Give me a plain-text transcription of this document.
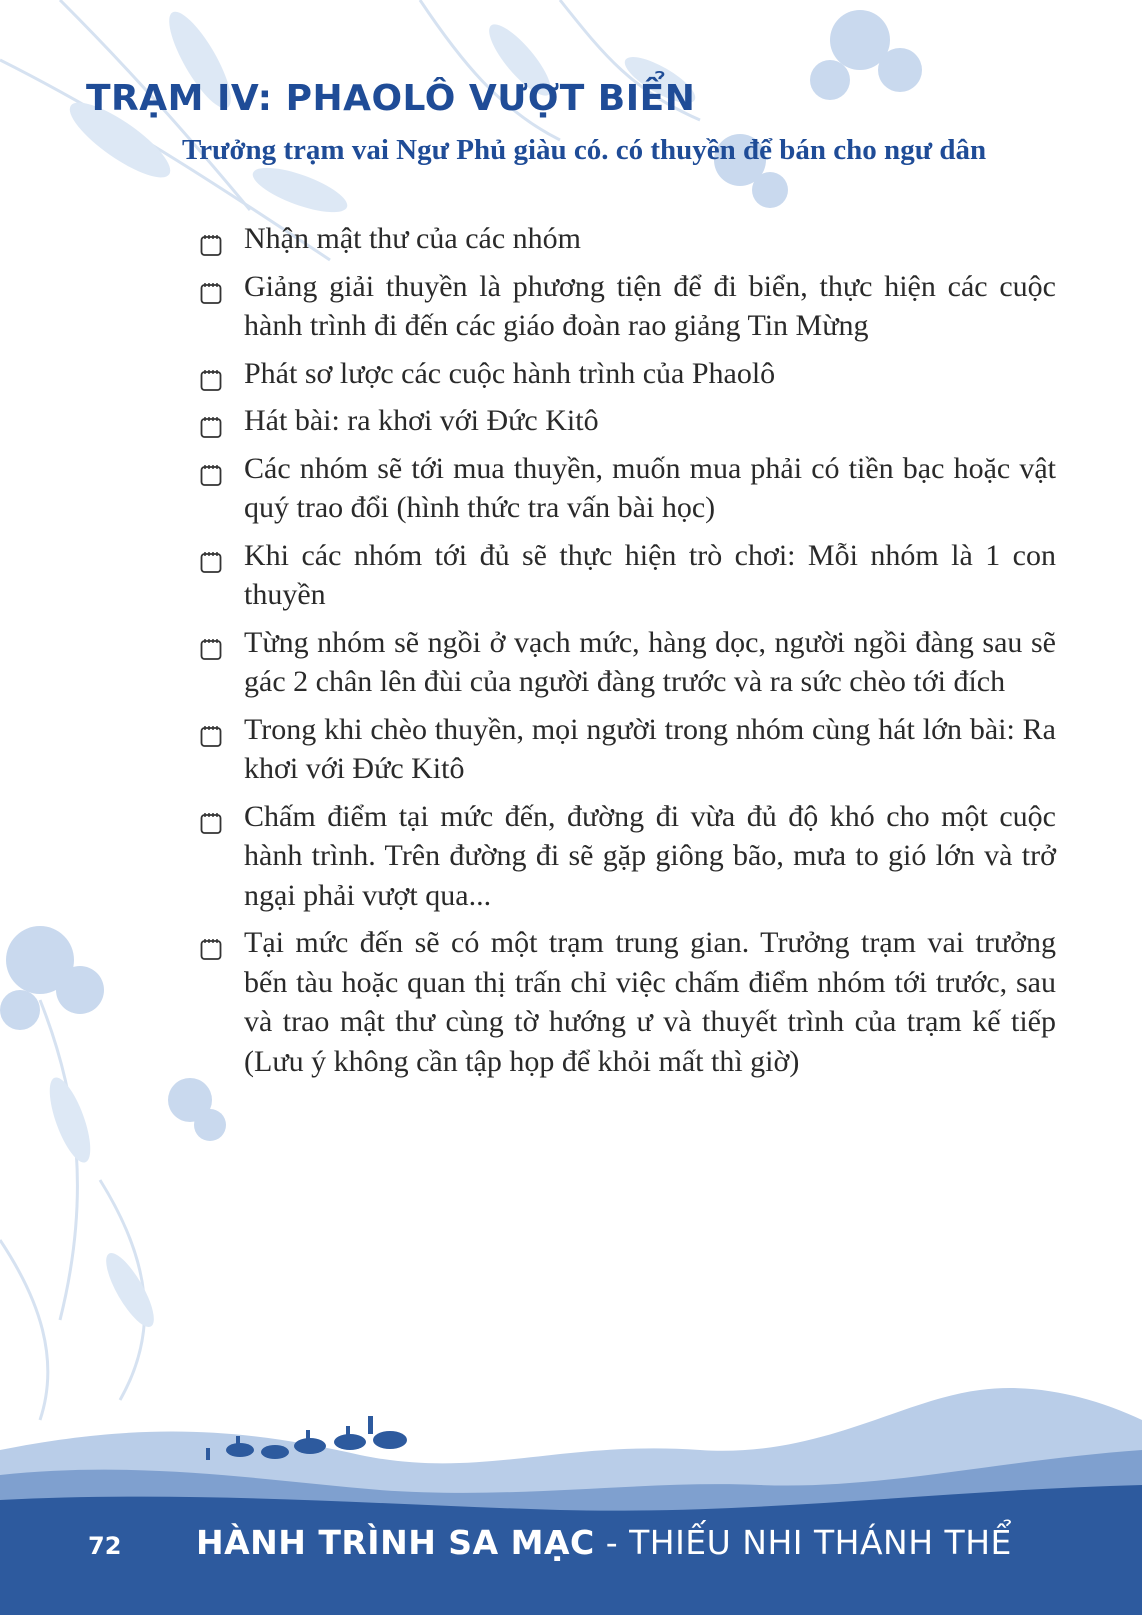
TRẠM IV: PHAOLÔ VƯỢT BIỂN

Trưởng trạm vai Ngư Phủ giàu có. có thuyền để bán cho ngư dân

Nhận mật thư của các nhóm
Giảng giải thuyền là phương tiện để đi biển, thực hiện các cuộc hành trình đi đến các giáo đoàn rao giảng Tin Mừng
Phát sơ lược các cuộc hành trình của Phaolô
Hát bài: ra khơi với Đức Kitô
Các nhóm sẽ tới mua thuyền, muốn mua phải có tiền bạc hoặc vật quý trao đổi (hình thức tra vấn bài học)
Khi các nhóm tới đủ sẽ thực hiện trò chơi: Mỗi nhóm là 1 con thuyền
Từng nhóm sẽ ngồi ở vạch mức, hàng dọc, người ngồi đàng sau sẽ gác 2 chân lên đùi của người đàng trước và ra sức chèo tới đích
Trong khi chèo thuyền, mọi người trong nhóm cùng hát lớn bài: Ra khơi với Đức Kitô
Chấm điểm tại mức đến, đường đi vừa đủ độ khó cho một cuộc hành trình. Trên đường đi sẽ gặp giông bão, mưa to gió lớn và trở ngại phải vượt qua...
Tại mức đến sẽ có một trạm trung gian. Trưởng trạm vai trưởng bến tàu hoặc quan thị trấn chỉ việc chấm điểm nhóm tới trước, sau và trao mật thư cùng tờ hướng ư và thuyết trình của trạm kế tiếp (Lưu ý không cần tập họp để khỏi mất thì giờ)
72 HÀNH TRÌNH SA MẠC - THIẾU NHI THÁNH THỂ
